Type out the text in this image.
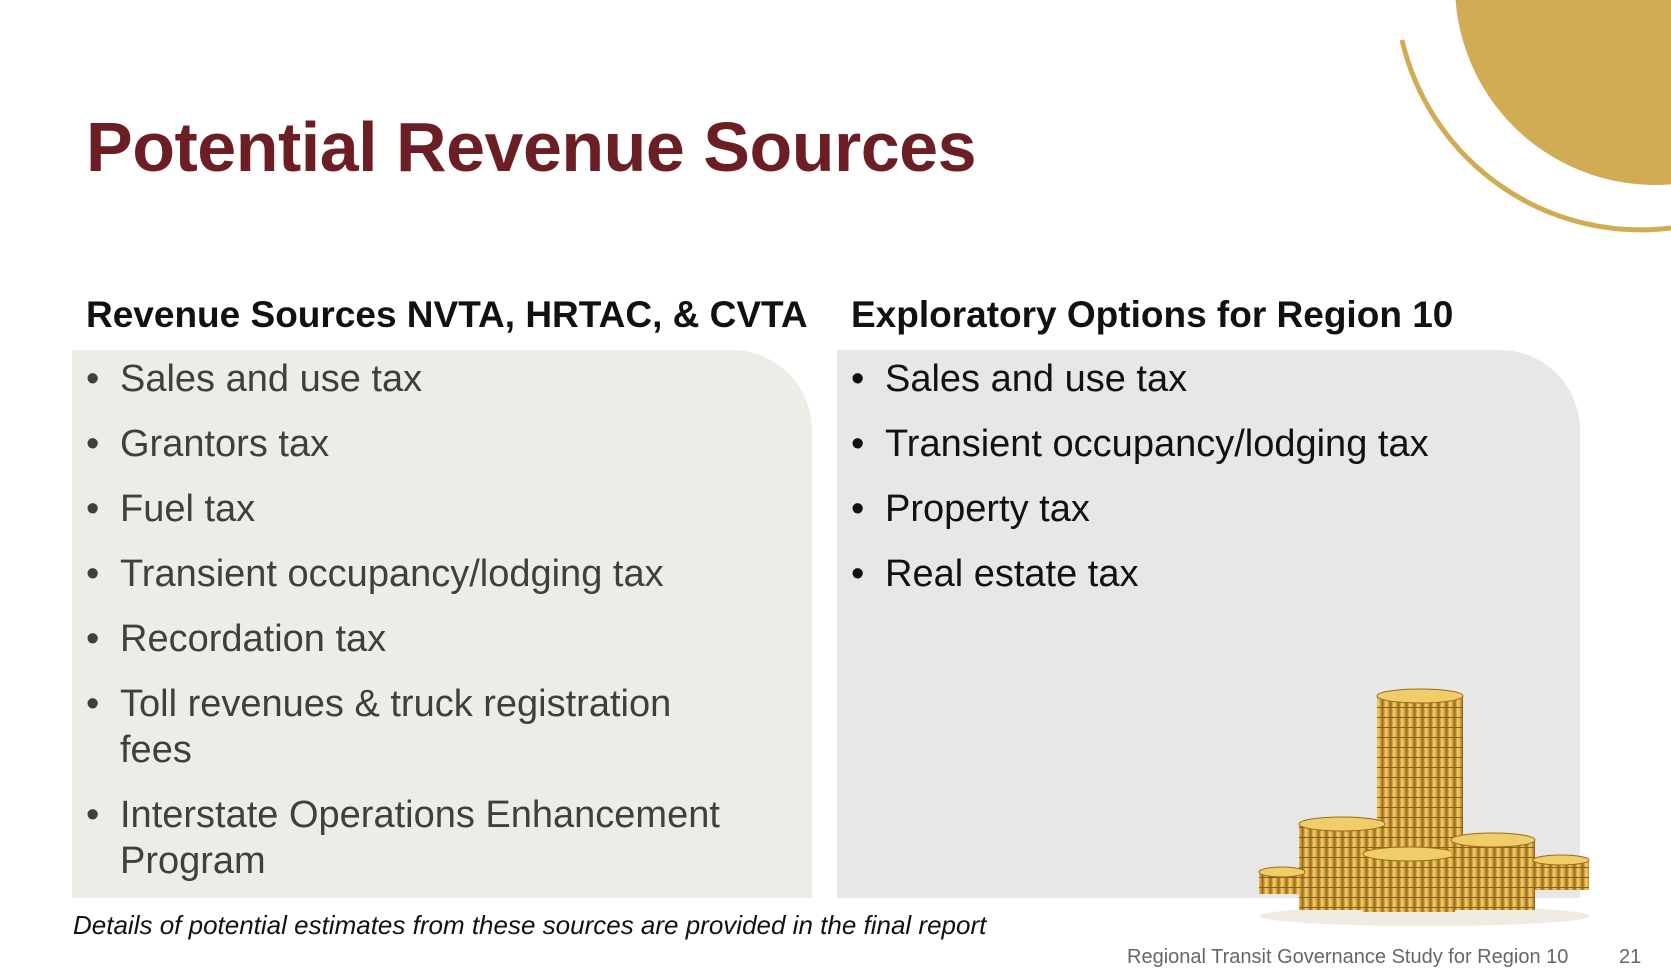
Potential Revenue Sources
Revenue Sources NVTA, HRTAC, & CVTA Exploratory Options for Region 10
• Sales and use tax
• Grantors tax
• Fuel tax
• Transient occupancy/lodging tax
• Recordation tax
• Toll revenues & truck registration fees
• Interstate Operations Enhancement Program
• Sales and use tax
• Transient occupancy/lodging tax
• Property tax
• Real estate tax
Details of potential estimates from these sources are provided in the final report
Regional Transit Governance Study for Region 10	21
